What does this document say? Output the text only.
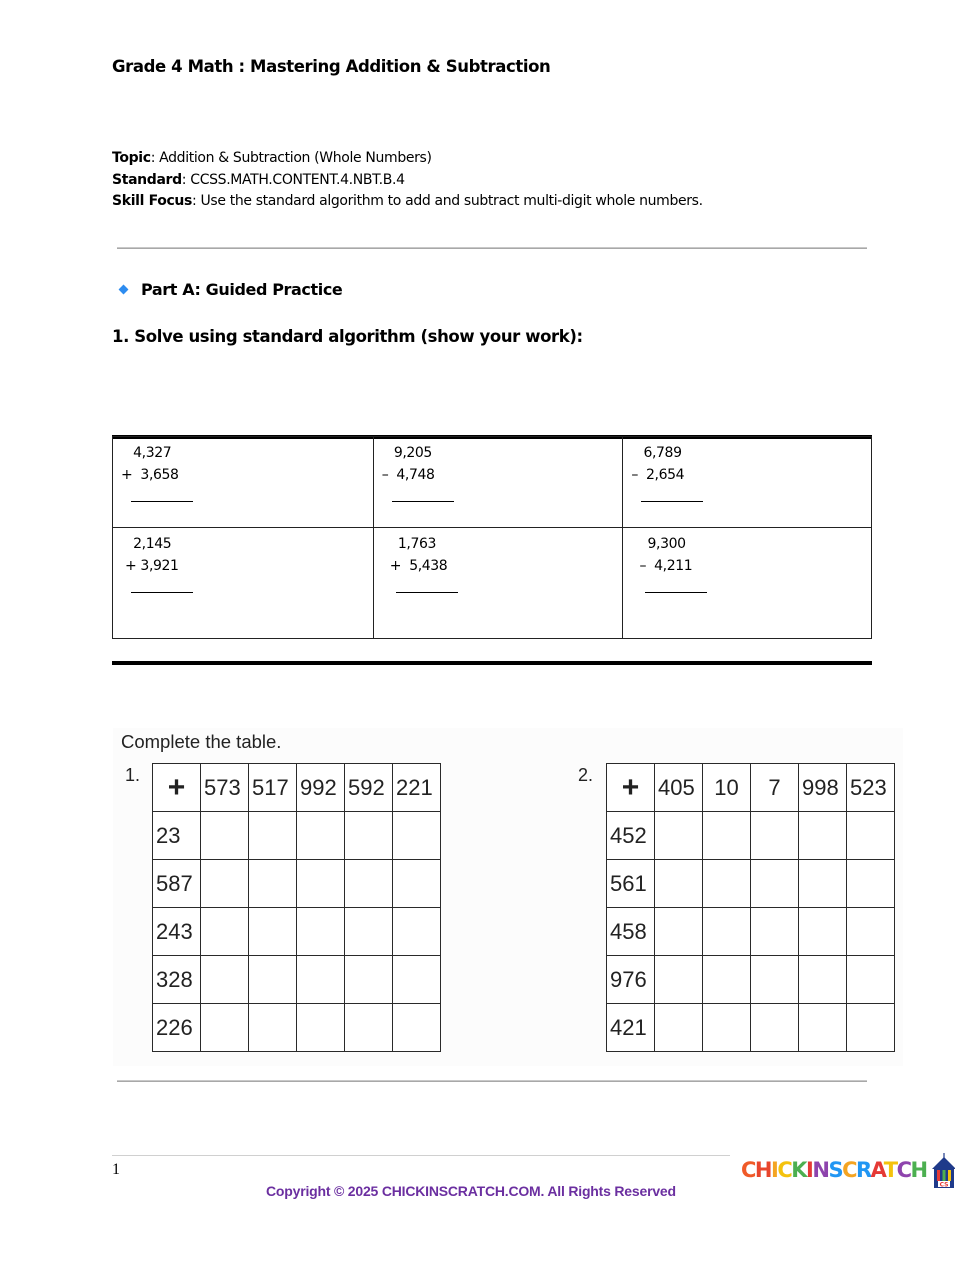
Grade 4 Math : Mastering Addition & Subtraction
Topic: Addition & Subtraction (Whole Numbers)
Standard: CCSS.MATH.CONTENT.4.NBT.B.4
Skill Focus: Use the standard algorithm to add and subtract multi-digit whole numbers.
Part A: Guided Practice
1. Solve using standard algorithm (show your work):
4,327
+  3,658

9,205
–  4,748

6,789
–  2,654

2,145
+ 3,921

1,763
+  5,438

9,300
–  4,211
Complete the table.
1. +	573	517	992	592	221
23					
587					
243					
328					
226					
2. +	405	10	7	998	523
452					
561					
458					
976					
421					
1
Copyright © 2025 CHICKINSCRATCH.COM. All Rights Reserved
CHICKINSCRATCH
CS
